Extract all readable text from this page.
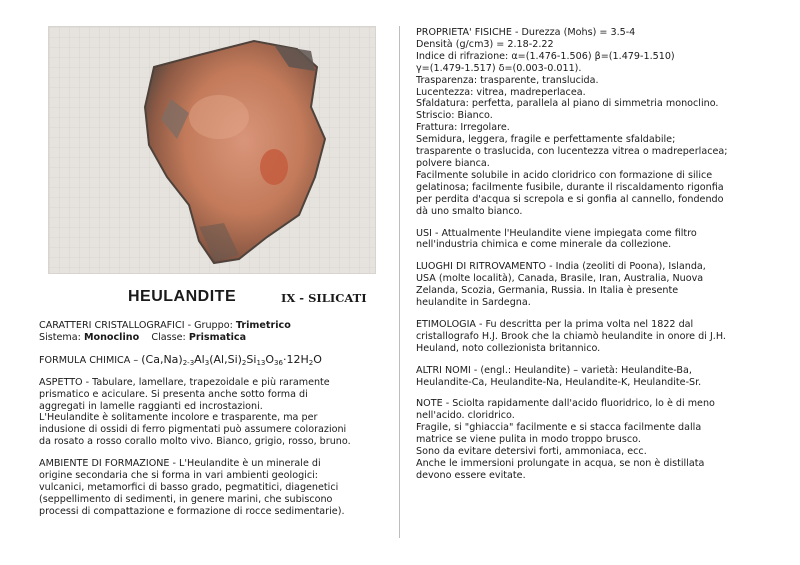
HEULANDITE	IX - SILICATI

CARATTERI CRISTALLOGRAFICI - Gruppo: Trimetrico
Sistema: Monoclino Classe: Prismatica

FORMULA CHIMICA – $(Ca,Na)_{2-3}Al_3(Al,Si)_2Si_{13}O_{36}\cdot 12H_2O$

ASPETTO - Tabulare, lamellare, trapezoidale e più raramente
prismatico e aciculare. Si presenta anche sotto forma di
aggregati in lamelle raggianti ed incrostazioni.
L'Heulandite è solitamente incolore e trasparente, ma per
indusione di ossidi di ferro pigmentati può assumere colorazioni
da rosato a rosso corallo molto vivo. Bianco, grigio, rosso, bruno.

AMBIENTE DI FORMAZIONE - L'Heulandite è un minerale di
origine secondaria che si forma in vari ambienti geologici:
vulcanici, metamorfici di basso grado, pegmatitici, diagenetici
(seppellimento di sedimenti, in genere marini, che subiscono
processi di compattazione e formazione di rocce sedimentarie).

PROPRIETA' FISICHE - Durezza (Mohs) = 3.5-4
Densità (g/cm3) = 2.18-2.22
Indice di rifrazione: α=(1.476-1.506) β=(1.479-1.510)
γ=(1.479-1.517) δ=(0.003-0.011).
Trasparenza: trasparente, translucida.
Lucentezza: vitrea, madreperlacea.
Sfaldatura: perfetta, parallela al piano di simmetria monoclino.
Striscio: Bianco.
Frattura: Irregolare.
Semidura, leggera, fragile e perfettamente sfaldabile;
trasparente o traslucida, con lucentezza vitrea o madreperlacea;
polvere bianca.
Facilmente solubile in acido cloridrico con formazione di silice
gelatinosa; facilmente fusibile, durante il riscaldamento rigonfia
per perdita d'acqua si screpola e si gonfia al cannello, fondendo
dà uno smalto bianco.

USI - Attualmente l'Heulandite viene impiegata come filtro
nell'industria chimica e come minerale da collezione.

LUOGHI DI RITROVAMENTO - India (zeoliti di Poona), Islanda,
USA (molte località), Canada, Brasile, Iran, Australia, Nuova
Zelanda, Scozia, Germania, Russia. In Italia è presente
heulandite in Sardegna.

ETIMOLOGIA - Fu descritta per la prima volta nel 1822 dal
cristallografo H.J. Brook che la chiamò heulandite in onore di J.H.
Heuland, noto collezionista britannico.

ALTRI NOMI - (engl.: Heulandite) – varietà: Heulandite-Ba,
Heulandite-Ca, Heulandite-Na, Heulandite-K, Heulandite-Sr.

NOTE - Sciolta rapidamente dall'acido fluoridrico, lo è di meno
nell'acido. cloridrico.
Fragile, si "ghiaccia" facilmente e si stacca facilmente dalla
matrice se viene pulita in modo troppo brusco.
Sono da evitare detersivi forti, ammoniaca, ecc.
Anche le immersioni prolungate in acqua, se non è distillata
devono essere evitate.
